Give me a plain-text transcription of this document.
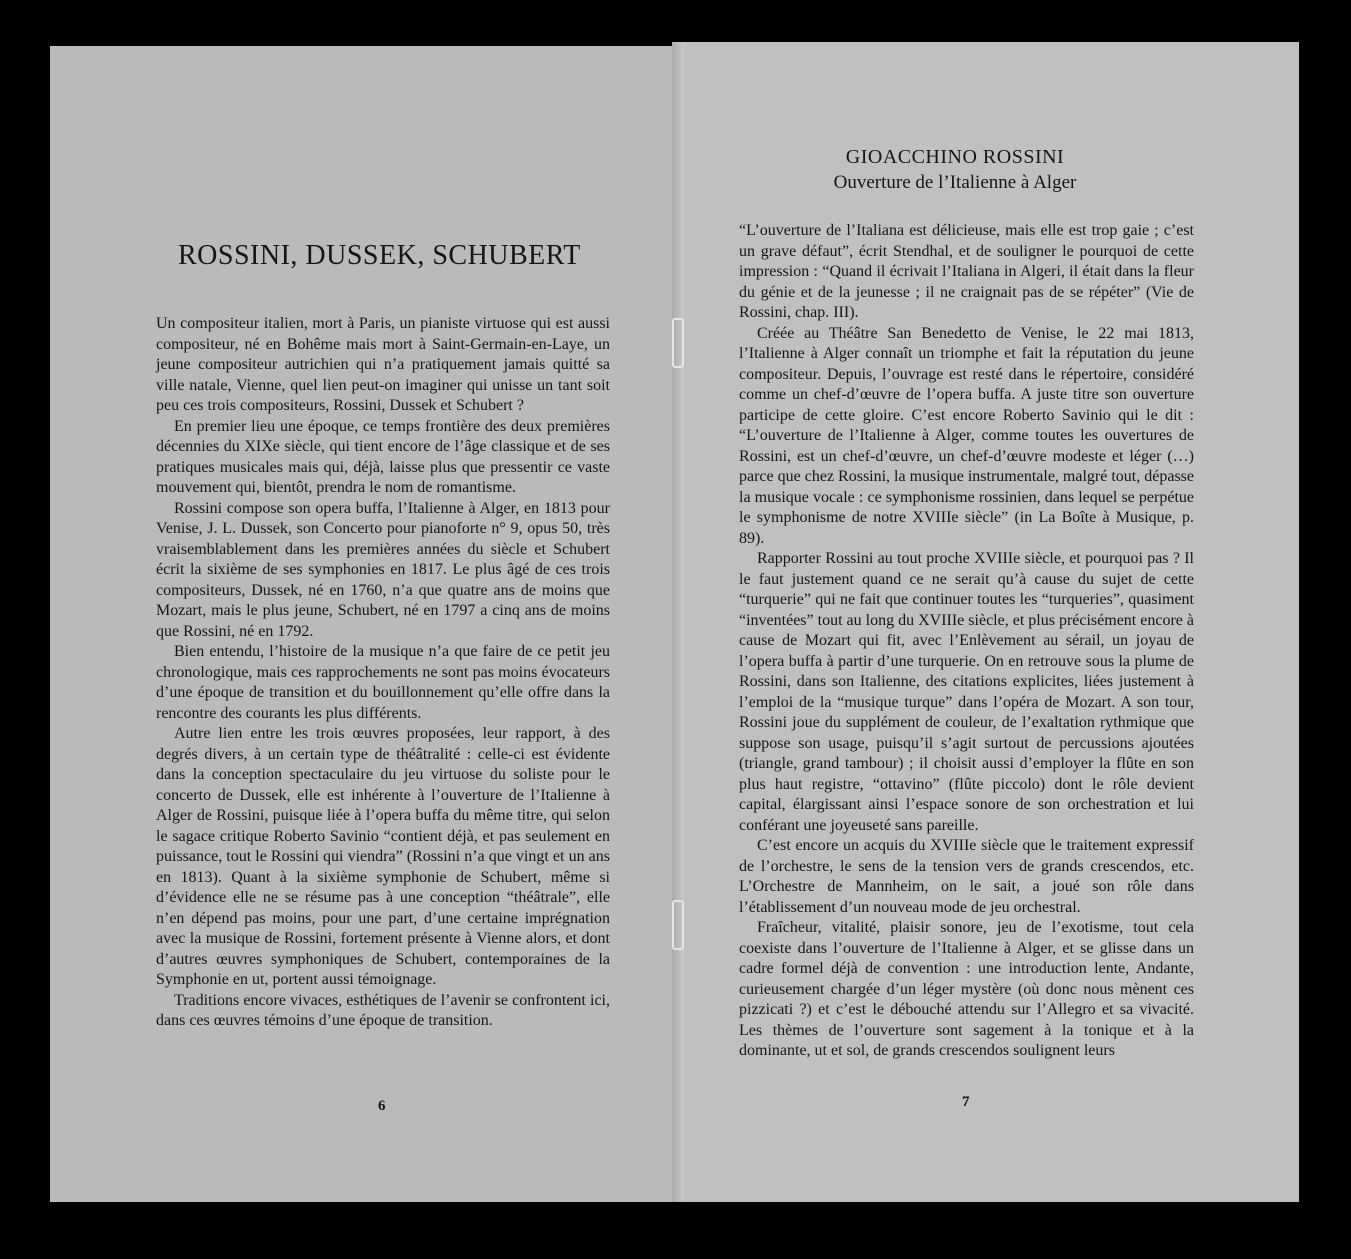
ROSSINI, DUSSEK, SCHUBERT

Un compositeur italien, mort à Paris, un pianiste virtuose qui est aussi compositeur, né en Bohême mais mort à Saint-Germain-en-Laye, un jeune compositeur autrichien qui n’a pratiquement jamais quitté sa ville natale, Vienne, quel lien peut-on imaginer qui unisse un tant soit peu ces trois compositeurs, Rossini, Dussek et Schubert ?

En premier lieu une époque, ce temps frontière des deux premières décennies du XIXe siècle, qui tient encore de l’âge classique et de ses pratiques musicales mais qui, déjà, laisse plus que pressentir ce vaste mouvement qui, bientôt, prendra le nom de romantisme.

Rossini compose son opera buffa, l’Italienne à Alger, en 1813 pour Venise, J. L. Dussek, son Concerto pour pianoforte n° 9, opus 50, très vraisemblablement dans les premières années du siècle et Schubert écrit la sixième de ses symphonies en 1817. Le plus âgé de ces trois compositeurs, Dussek, né en 1760, n’a que quatre ans de moins que Mozart, mais le plus jeune, Schubert, né en 1797 a cinq ans de moins que Rossini, né en 1792.

Bien entendu, l’histoire de la musique n’a que faire de ce petit jeu chronologique, mais ces rapprochements ne sont pas moins évocateurs d’une époque de transition et du bouillonnement qu’elle offre dans la rencontre des courants les plus différents.

Autre lien entre les trois œuvres proposées, leur rapport, à des degrés divers, à un certain type de théâtralité : celle-ci est évidente dans la conception spectaculaire du jeu virtuose du soliste pour le concerto de Dussek, elle est inhérente à l’ouverture de l’Italienne à Alger de Rossini, puisque liée à l’opera buffa du même titre, qui selon le sagace critique Roberto Savinio “contient déjà, et pas seulement en puissance, tout le Rossini qui viendra” (Rossini n’a que vingt et un ans en 1813). Quant à la sixième symphonie de Schubert, même si d’évidence elle ne se résume pas à une conception “théâtrale”, elle n’en dépend pas moins, pour une part, d’une certaine imprégnation avec la musique de Rossini, fortement présente à Vienne alors, et dont d’autres œuvres symphoniques de Schubert, contemporaines de la Symphonie en ut, portent aussi témoignage.

Traditions encore vivaces, esthétiques de l’avenir se confrontent ici, dans ces œuvres témoins d’une époque de transition.

6
GIOACCHINO ROSSINI
Ouverture de l’Italienne à Alger

“L’ouverture de l’Italiana est délicieuse, mais elle est trop gaie ; c’est un grave défaut”, écrit Stendhal, et de souligner le pourquoi de cette impression : “Quand il écrivait l’Italiana in Algeri, il était dans la fleur du génie et de la jeunesse ; il ne craignait pas de se répéter” (Vie de Rossini, chap. III).

Créée au Théâtre San Benedetto de Venise, le 22 mai 1813, l’Italienne à Alger connaît un triomphe et fait la réputation du jeune compositeur. Depuis, l’ouvrage est resté dans le répertoire, considéré comme un chef-d’œuvre de l’opera buffa. A juste titre son ouverture participe de cette gloire. C’est encore Roberto Savinio qui le dit : “L’ouverture de l’Italienne à Alger, comme toutes les ouvertures de Rossini, est un chef-d’œuvre, un chef-d’œuvre modeste et léger (…) parce que chez Rossini, la musique instrumentale, malgré tout, dépasse la musique vocale : ce symphonisme rossinien, dans lequel se perpétue le symphonisme de notre XVIIIe siècle” (in La Boîte à Musique, p. 89).

Rapporter Rossini au tout proche XVIIIe siècle, et pourquoi pas ? Il le faut justement quand ce ne serait qu’à cause du sujet de cette “turquerie” qui ne fait que continuer toutes les “turqueries”, quasiment “inventées” tout au long du XVIIIe siècle, et plus précisément encore à cause de Mozart qui fit, avec l’Enlèvement au sérail, un joyau de l’opera buffa à partir d’une turquerie. On en retrouve sous la plume de Rossini, dans son Italienne, des citations explicites, liées justement à l’emploi de la “musique turque” dans l’opéra de Mozart. A son tour, Rossini joue du supplément de couleur, de l’exaltation rythmique que suppose son usage, puisqu’il s’agit surtout de percussions ajoutées (triangle, grand tambour) ; il choisit aussi d’employer la flûte en son plus haut registre, “ottavino” (flûte piccolo) dont le rôle devient capital, élargissant ainsi l’espace sonore de son orchestration et lui conférant une joyeuseté sans pareille.

C’est encore un acquis du XVIIIe siècle que le traitement expressif de l’orchestre, le sens de la tension vers de grands crescendos, etc. L’Orchestre de Mannheim, on le sait, a joué son rôle dans l’établissement d’un nouveau mode de jeu orchestral.

Fraîcheur, vitalité, plaisir sonore, jeu de l’exotisme, tout cela coexiste dans l’ouverture de l’Italienne à Alger, et se glisse dans un cadre formel déjà de convention : une introduction lente, Andante, curieusement chargée d’un léger mystère (où donc nous mènent ces pizzicati ?) et c’est le débouché attendu sur l’Allegro et sa vivacité. Les thèmes de l’ouverture sont sagement à la tonique et à la dominante, ut et sol, de grands crescendos soulignent leurs

7
